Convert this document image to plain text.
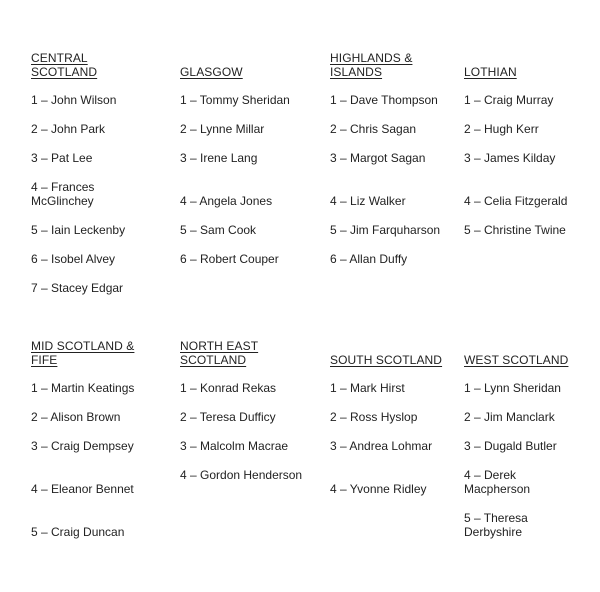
CENTRAL SCOTLAND
1 – John Wilson
2 – John Park
3 – Pat Lee
4 – Frances McGlinchey
5 – Iain Leckenby
6 – Isobel Alvey
7 – Stacey Edgar
GLASGOW
1 – Tommy Sheridan
2 – Lynne Millar
3 – Irene Lang
4 – Angela Jones
5 – Sam Cook
6 – Robert Couper
HIGHLANDS & ISLANDS
1 – Dave Thompson
2 – Chris Sagan
3 – Margot Sagan
4 – Liz Walker
5 – Jim Farquharson
6 – Allan Duffy
LOTHIAN
1 – Craig Murray
2 – Hugh Kerr
3 – James Kilday
4 – Celia Fitzgerald
5 – Christine Twine
MID SCOTLAND & FIFE
1 – Martin Keatings
2 – Alison Brown
3 – Craig Dempsey
4 – Eleanor Bennet
5 – Craig Duncan
NORTH EAST SCOTLAND
1 – Konrad Rekas
2 – Teresa Dufficy
3 – Malcolm Macrae
4 – Gordon Henderson
SOUTH SCOTLAND
1 – Mark Hirst
2 – Ross Hyslop
3 – Andrea Lohmar
4 – Yvonne Ridley
WEST SCOTLAND
1 – Lynn Sheridan
2 – Jim Manclark
3 – Dugald Butler
4 – Derek Macpherson
5 – Theresa Derbyshire
